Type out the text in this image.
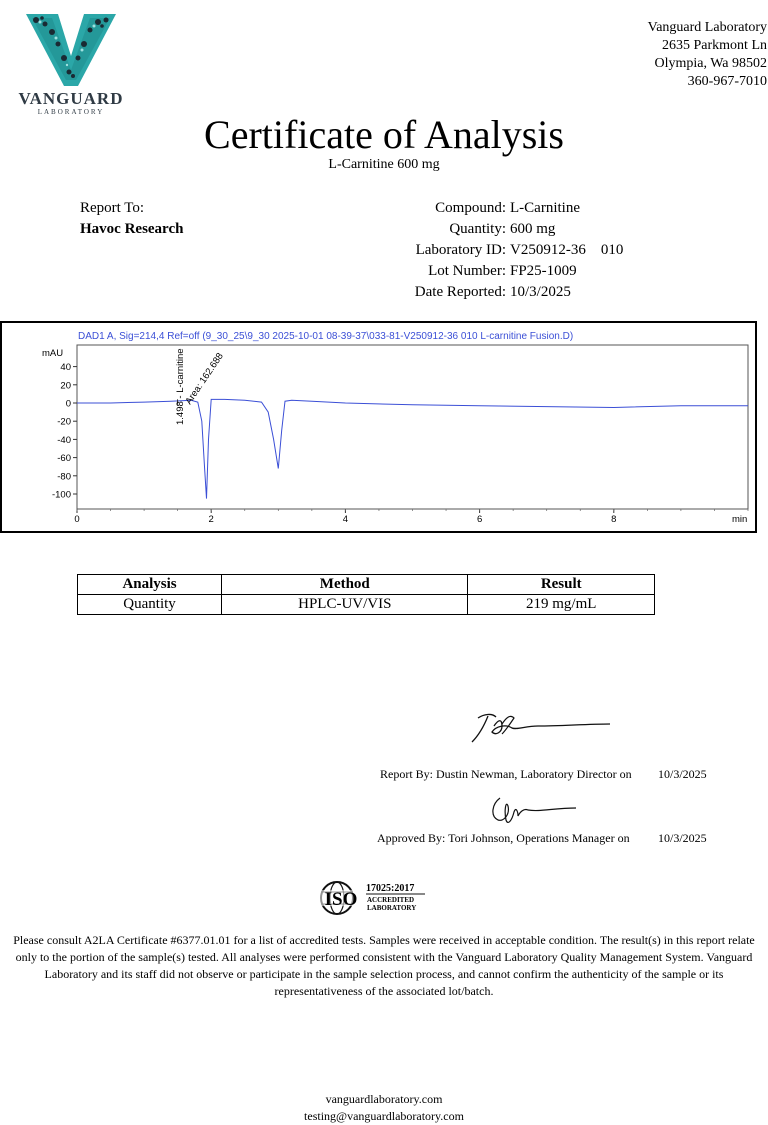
VANGUARD
LABORATORY
Vanguard Laboratory
2635 Parkmont Ln
Olympia, Wa 98502
360-967-7010
Certificate of Analysis
L-Carnitine 600 mg
Report To:
Havoc Research
Compound: L-Carnitine
Quantity: 600 mg
Laboratory ID: V250912-36    010
Lot Number: FP25-1009
Date Reported: 10/3/2025
DAD1 A, Sig=214,4 Ref=off (9_30_25\9_30 2025-10-01 08-39-37\033-81-V250912-36 010 L-carnitine Fusion.D)
mAU
min
40
20
0
-20
-40
-60
-80
-100
0	2	4	6	8
1.498 - L-carnitine
Area: 162.688
Analysis	Method	Result
Quantity	HPLC-UV/VIS	219 mg/mL
Report By: Dustin Newman, Laboratory Director on 10/3/2025
Approved By: Tori Johnson, Operations Manager on 10/3/2025
ISO
17025:2017
ACCREDITED
LABORATORY
Please consult A2LA Certificate #6377.01.01 for a list of accredited tests. Samples were received in acceptable condition. The result(s) in this report relate only to the portion of the sample(s) tested. All analyses were performed consistent with the Vanguard Laboratory Quality Management System. Vanguard Laboratory and its staff did not observe or participate in the sample selection process, and cannot confirm the authenticity of the sample or its representativeness of the associated lot/batch.
vanguardlaboratory.com
testing@vanguardlaboratory.com
